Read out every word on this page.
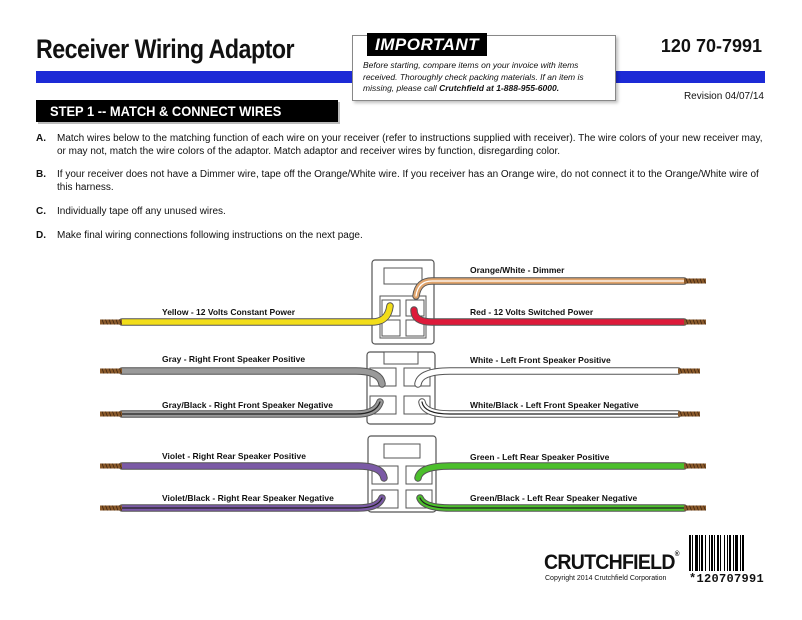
Receiver Wiring Adaptor	120 70-7991
Revision 04/07/14
IMPORTANT
Before starting, compare items on your invoice with items received. Thoroughly check packing materials. If an item is missing, please call Crutchfield at 1-888-955-6000.
STEP 1 -- MATCH & CONNECT WIRES
A.	Match wires below to the matching function of each wire on your receiver (refer to instructions supplied with receiver). The wire colors of your new receiver may, or may not, match the wire colors of the adaptor. Match adaptor and receiver wires by function, disregarding color.
B.	If your receiver does not have a Dimmer wire, tape off the Orange/White wire. If you receiver has an Orange wire, do not connect it to the Orange/White wire of this harness.
C.	Individually tape off any unused wires.
D.	Make final wiring connections following instructions on the next page.
Yellow - 12 Volts Constant Power
Gray - Right Front Speaker Positive
Gray/Black - Right Front Speaker Negative
Violet - Right Rear Speaker Positive
Violet/Black - Right Rear Speaker Negative
Orange/White - Dimmer
Red - 12 Volts Switched Power
White - Left Front Speaker Positive
White/Black - Left Front Speaker Negative
Green - Left Rear Speaker Positive
Green/Black - Left Rear Speaker Negative
CRUTCHFIELD®
Copyright 2014 Crutchfield Corporation *120707991
